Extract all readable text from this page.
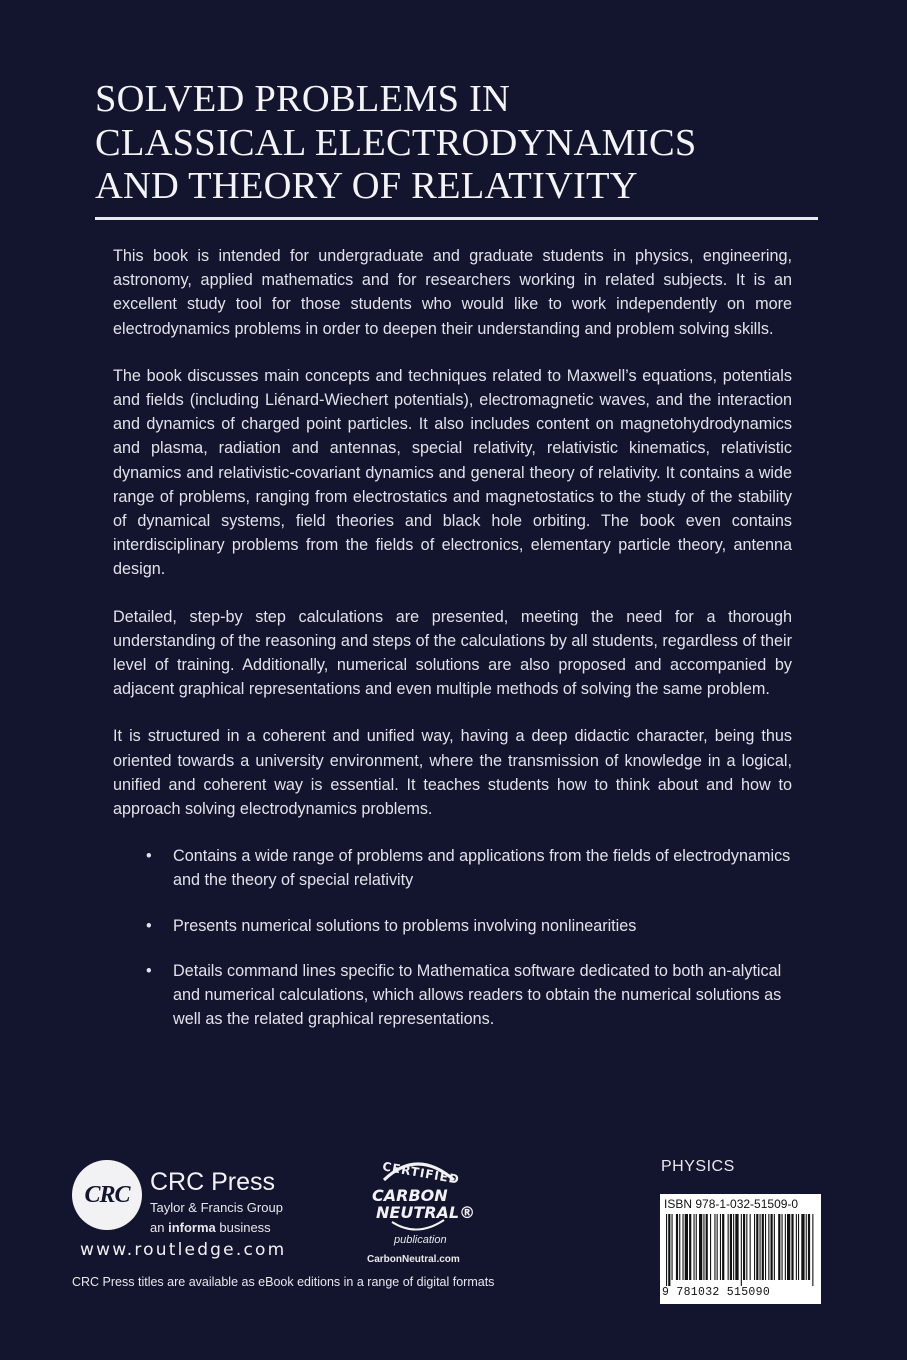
SOLVED PROBLEMS IN
CLASSICAL ELECTRODYNAMICS
AND THEORY OF RELATIVITY

This book is intended for undergraduate and graduate students in physics, engineering, astronomy, applied mathematics and for researchers working in related subjects. It is an excellent study tool for those students who would like to work independently on more electrodynamics problems in order to deepen their understanding and problem solving skills.

The book discusses main concepts and techniques related to Maxwell’s equations, potentials and fields (including Liénard-Wiechert potentials), electromagnetic waves, and the interaction and dynamics of charged point particles. It also includes content on magnetohydrodynamics and plasma, radiation and antennas, special relativity, relativistic kinematics, relativistic dynamics and relativistic-covariant dynamics and general theory of relativity. It contains a wide range of problems, ranging from electrostatics and magnetostatics to the study of the stability of dynamical systems, field theories and black hole orbiting. The book even contains interdisciplinary problems from the fields of electronics, elementary particle theory, antenna design.

Detailed, step-by step calculations are presented, meeting the need for a thorough understanding of the reasoning and steps of the calculations by all students, regardless of their level of training. Additionally, numerical solutions are also proposed and accompanied by adjacent graphical representations and even multiple methods of solving the same problem.

It is structured in a coherent and unified way, having a deep didactic character, being thus oriented towards a university environment, where the transmission of knowledge in a logical, unified and coherent way is essential. It teaches students how to think about and how to approach solving electrodynamics problems.

• Contains a wide range of problems and applications from the fields of electrodynamics and the theory of special relativity
• Presents numerical solutions to problems involving nonlinearities
• Details command lines specific to Mathematica software dedicated to both an-alytical and numerical calculations, which allows readers to obtain the numerical solutions as well as the related graphical representations.
CRC CRC Press
Taylor & Francis Group
an informa business
www.routledge.com
CRC Press titles are available as eBook editions in a range of digital formats
CERTIFIED
CARBON
NEUTRAL®
publication
CarbonNeutral.com
PHYSICS
ISBN 978-1-032-51509-0
9 781032 515090
